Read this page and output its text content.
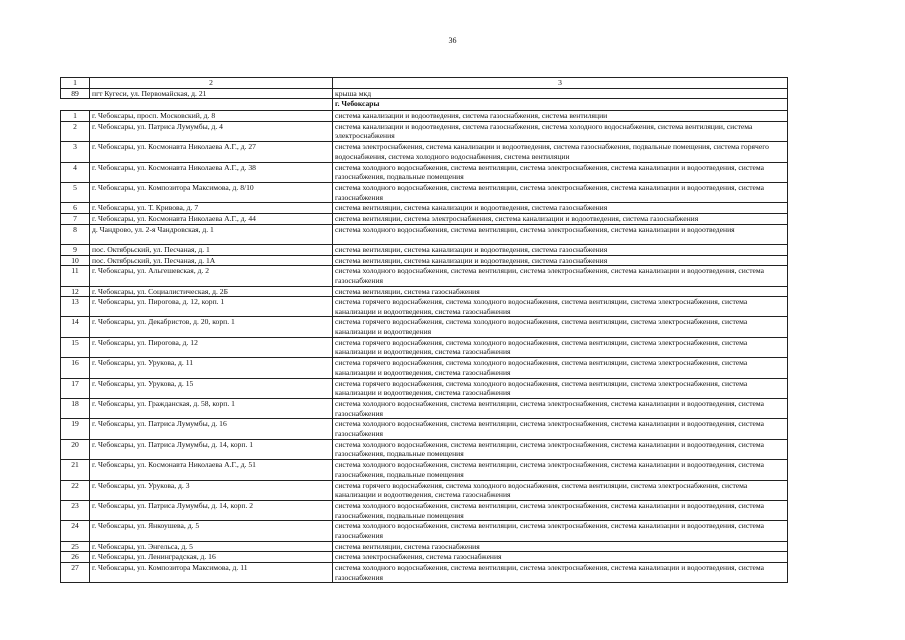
36
1	2	3
89	пгт Кугеси, ул. Первомайская, д. 21	крыша мкд
		г. Чебоксары
1	г. Чебоксары, просп. Московский, д. 8	система канализации и водоотведения, система газоснабжения, система вентиляции
2	г. Чебоксары, ул. Патриса Лумумбы, д. 4	система канализации и водоотведения, система газоснабжения, система холодного водоснабжения, система вентиляции, система электроснабжения
3	г. Чебоксары, ул. Космонавта Николаева А.Г., д. 27	система электроснабжения, система канализации и водоотведения, система газоснабжения, подвальные помещения, система горячего водоснабжения, система холодного водоснабжения, система вентиляции
4	г. Чебоксары, ул. Космонавта Николаева А.Г., д. 38	система холодного водоснабжения, система вентиляции, система электроснабжения, система канализации и водоотведения, система газоснабжения, подвальные помещения
5	г. Чебоксары, ул. Композитора Максимова, д. 8/10	система холодного водоснабжения, система вентиляции, система электроснабжения, система канализации и водоотведения, система газоснабжения
6	г. Чебоксары, ул. Т. Кривова, д. 7	система вентиляции, система канализации и водоотведения, система газоснабжения
7	г. Чебоксары, ул. Космонавта Николаева А.Г., д. 44	система вентиляции, система электроснабжения, система канализации и водоотведения, система газоснабжения
8	д. Чандрово, ул. 2-я Чандровская, д. 1	система холодного водоснабжения, система вентиляции, система электроснабжения, система канализации и водоотведения
9	пос. Октябрьский, ул. Песчаная, д. 1	система вентиляции, система канализации и водоотведения, система газоснабжения
10	пос. Октябрьский, ул. Песчаная, д. 1А	система вентиляции, система канализации и водоотведения, система газоснабжения
11	г. Чебоксары, ул. Альгешевская, д. 2	система холодного водоснабжения, система вентиляции, система электроснабжения, система канализации и водоотведения, система газоснабжения
12	г. Чебоксары, ул. Социалистическая, д. 2Б	система вентиляции, система газоснабжения
13	г. Чебоксары, ул. Пирогова, д. 12, корп. 1	система горячего водоснабжения, система холодного водоснабжения, система вентиляции, система электроснабжения, система канализации и водоотведения, система газоснабжения
14	г. Чебоксары, ул. Декабристов, д. 20, корп. 1	система горячего водоснабжения, система холодного водоснабжения, система вентиляции, система электроснабжения, система канализации и водоотведения
15	г. Чебоксары, ул. Пирогова, д. 12	система горячего водоснабжения, система холодного водоснабжения, система вентиляции, система электроснабжения, система канализации и водоотведения, система газоснабжения
16	г. Чебоксары, ул. Урукова, д. 11	система горячего водоснабжения, система холодного водоснабжения, система вентиляции, система электроснабжения, система канализации и водоотведения, система газоснабжения
17	г. Чебоксары, ул. Урукова, д. 15	система горячего водоснабжения, система холодного водоснабжения, система вентиляции, система электроснабжения, система канализации и водоотведения, система газоснабжения
18	г. Чебоксары, ул. Гражданская, д. 58, корп. 1	система холодного водоснабжения, система вентиляции, система электроснабжения, система канализации и водоотведения, система газоснабжения
19	г. Чебоксары, ул. Патриса Лумумбы, д. 16	система холодного водоснабжения, система вентиляции, система электроснабжения, система канализации и водоотведения, система газоснабжения
20	г. Чебоксары, ул. Патриса Лумумбы, д. 14, корп. 1	система холодного водоснабжения, система вентиляции, система электроснабжения, система канализации и водоотведения, система газоснабжения, подвальные помещения
21	г. Чебоксары, ул. Космонавта Николаева А.Г., д. 51	система холодного водоснабжения, система вентиляции, система электроснабжения, система канализации и водоотведения, система газоснабжения, подвальные помещения
22	г. Чебоксары, ул. Урукова, д. 3	система горячего водоснабжения, система холодного водоснабжения, система вентиляции, система электроснабжения, система канализации и водоотведения, система газоснабжения
23	г. Чебоксары, ул. Патриса Лумумбы, д. 14, корп. 2	система холодного водоснабжения, система вентиляции, система электроснабжения, система канализации и водоотведения, система газоснабжения, подвальные помещения
24	г. Чебоксары, ул. Янкоушева, д. 5	система холодного водоснабжения, система вентиляции, система электроснабжения, система канализации и водоотведения, система газоснабжения
25	г. Чебоксары, ул. Энгельса, д. 5	система вентиляции, система газоснабжения
26	г. Чебоксары, ул. Ленинградская, д. 16	система электроснабжения, система газоснабжения
27	г. Чебоксары, ул. Композитора Максимова, д. 11	система холодного водоснабжения, система вентиляции, система электроснабжения, система канализации и водоотведения, система газоснабжения
